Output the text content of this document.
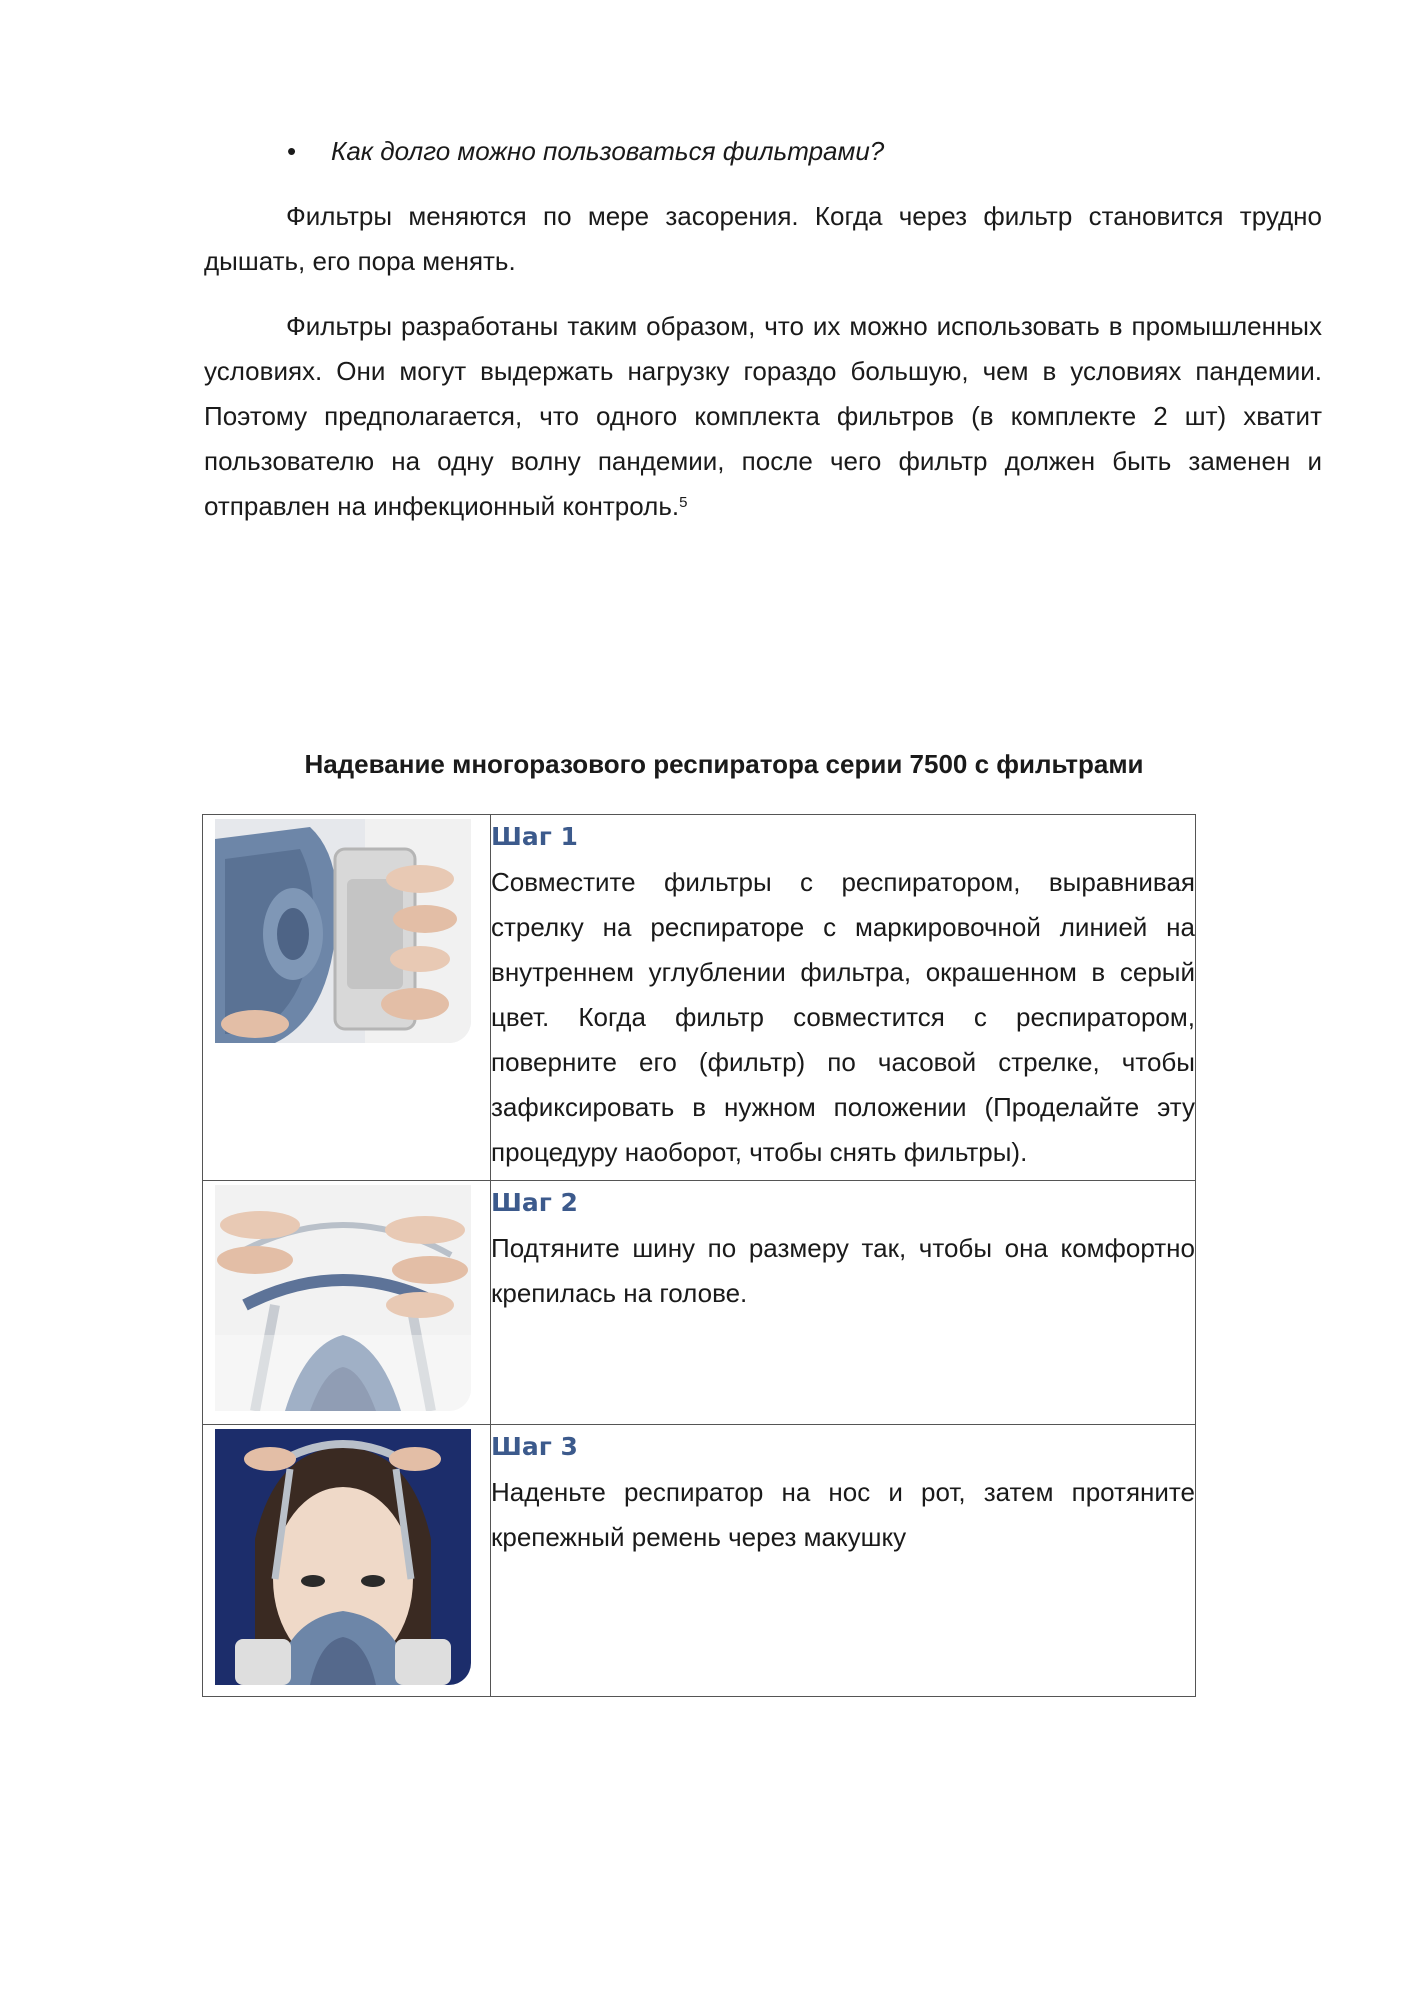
• Как долго можно пользоваться фильтрами?

Фильтры меняются по мере засорения. Когда через фильтр становится трудно дышать, его пора менять.

Фильтры разработаны таким образом, что их можно использовать в промышленных условиях. Они могут выдержать нагрузку гораздо большую, чем в условиях пандемии. Поэтому предполагается, что одного комплекта фильтров (в комплекте 2 шт) хватит пользователю на одну волну пандемии, после чего фильтр должен быть заменен и отправлен на инфекционный контроль.$^5$

Надевание многоразового респиратора серии 7500 с фильтрами

Шаг 1
Совместите фильтры с респиратором, выравнивая стрелку на респираторе с маркировочной линией на внутреннем углублении фильтра, окрашенном в серый цвет. Когда фильтр совместится с респиратором, поверните его (фильтр) по часовой стрелке, чтобы зафиксировать в нужном положении (Проделайте эту процедуру наоборот, чтобы снять фильтры).

Шаг 2
Подтяните шину по размеру так, чтобы она комфортно крепилась на голове.

Шаг 3
Наденьте респиратор на нос и рот, затем протяните крепежный ремень через макушку
